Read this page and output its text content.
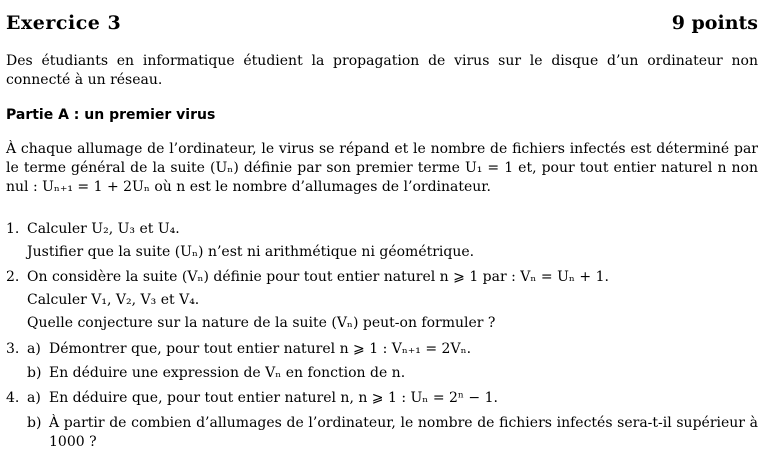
Exercice 3	9 points

Des étudiants en informatique étudient la propagation de virus sur le disque d’un ordinateur non connecté à un réseau.

Partie A : un premier virus

À chaque allumage de l’ordinateur, le virus se répand et le nombre de fichiers infectés est déterminé par le terme général de la suite (Uₙ) définie par son premier terme U₁ = 1 et, pour tout entier naturel n non nul : Uₙ₊₁ = 1 + 2Uₙ où n est le nombre d’allumages de l’ordinateur.

1. Calculer U₂, U₃ et U₄.
Justifier que la suite (Uₙ) n’est ni arithmétique ni géométrique.
2. On considère la suite (Vₙ) définie pour tout entier naturel n ⩾ 1 par : Vₙ = Uₙ + 1.
Calculer V₁, V₂, V₃ et V₄.
Quelle conjecture sur la nature de la suite (Vₙ) peut-on formuler ?
3. a) Démontrer que, pour tout entier naturel n ⩾ 1 : Vₙ₊₁ = 2Vₙ.
b) En déduire une expression de Vₙ en fonction de n.
4. a) En déduire que, pour tout entier naturel n, n ⩾ 1 : Uₙ = 2ⁿ − 1.
b) À partir de combien d’allumages de l’ordinateur, le nombre de fichiers infectés sera-t-il supérieur à 1000 ?
